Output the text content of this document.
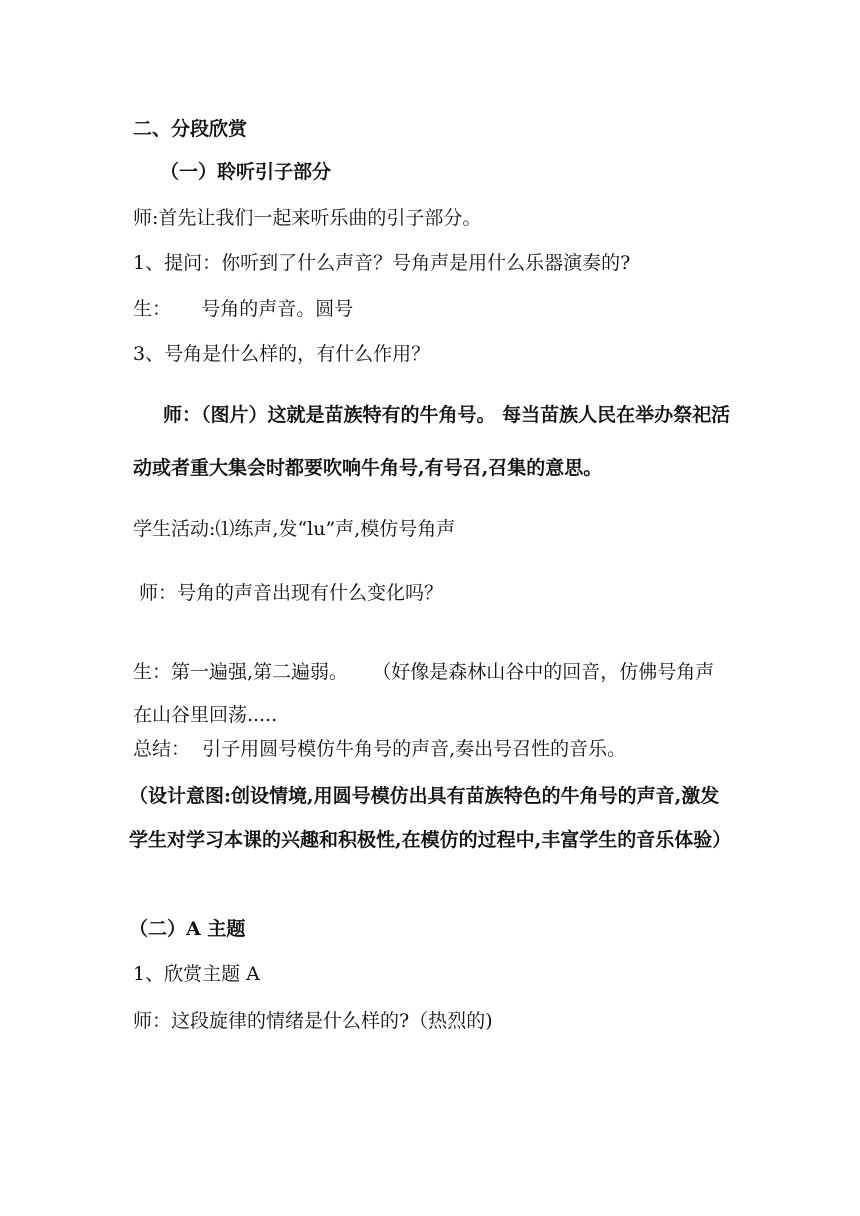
二、分段欣赏
（一）聆听引子部分
师:首先让我们一起来听乐曲的引子部分。
1、提问：你听到了什么声音？号角声是用什么乐器演奏的?
生：     号角的声音。圆号
3、号角是什么样的，有什么作用？
师：（图片）这就是苗族特有的牛角号。 每当苗族人民在举办祭祀活动或者重大集会时都要吹响牛角号,有号召,召集的意思。
学生活动:⑴练声,发“lu”声,模仿号角声
师：号角的声音出现有什么变化吗？
生：第一遍强,第二遍弱。    （好像是森林山谷中的回音，仿佛号角声在山谷里回荡.....
总结：  引子用圆号模仿牛角号的声音,奏出号召性的音乐。
（设计意图:创设情境,用圆号模仿出具有苗族特色的牛角号的声音,激发学生对学习本课的兴趣和积极性,在模仿的过程中,丰富学生的音乐体验）
（二）A 主题
1、欣赏主题 A
师：这段旋律的情绪是什么样的?（热烈的)
